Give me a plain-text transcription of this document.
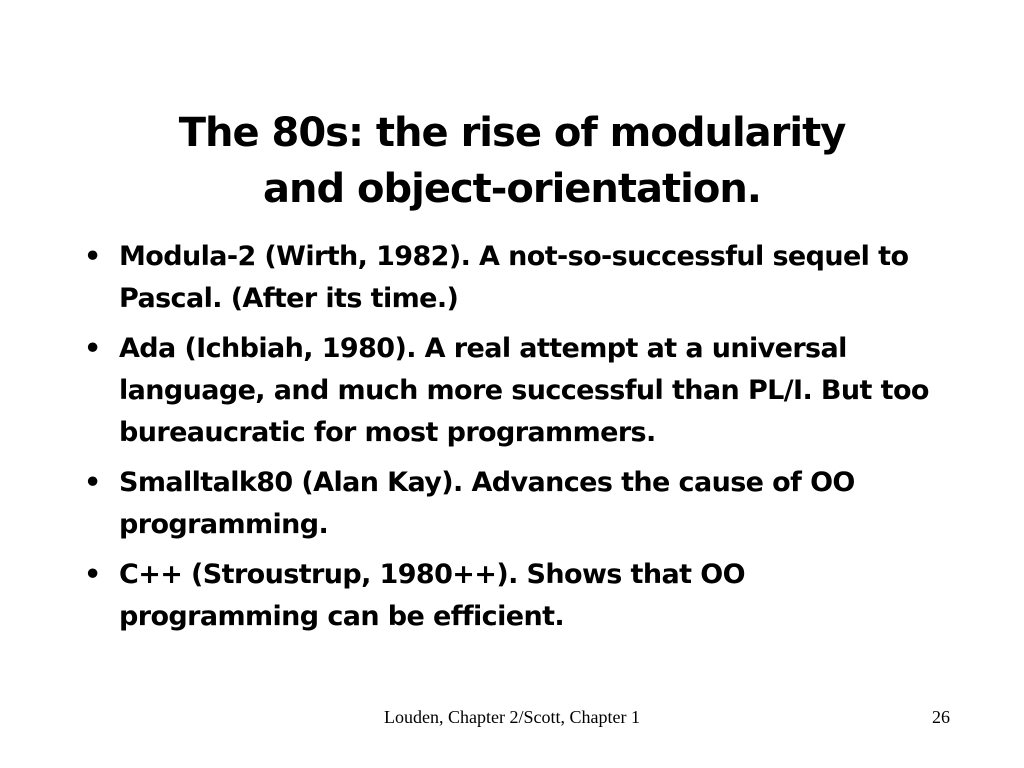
The 80s: the rise of modularity
and object-orientation.
• Modula-2 (Wirth, 1982). A not-so-successful sequel to Pascal. (After its time.)
• Ada (Ichbiah, 1980). A real attempt at a universal language, and much more successful than PL/I. But too bureaucratic for most programmers.
• Smalltalk80 (Alan Kay). Advances the cause of OO programming.
• C++ (Stroustrup, 1980++). Shows that OO programming can be efficient.
Louden, Chapter 2/Scott, Chapter 1	26
